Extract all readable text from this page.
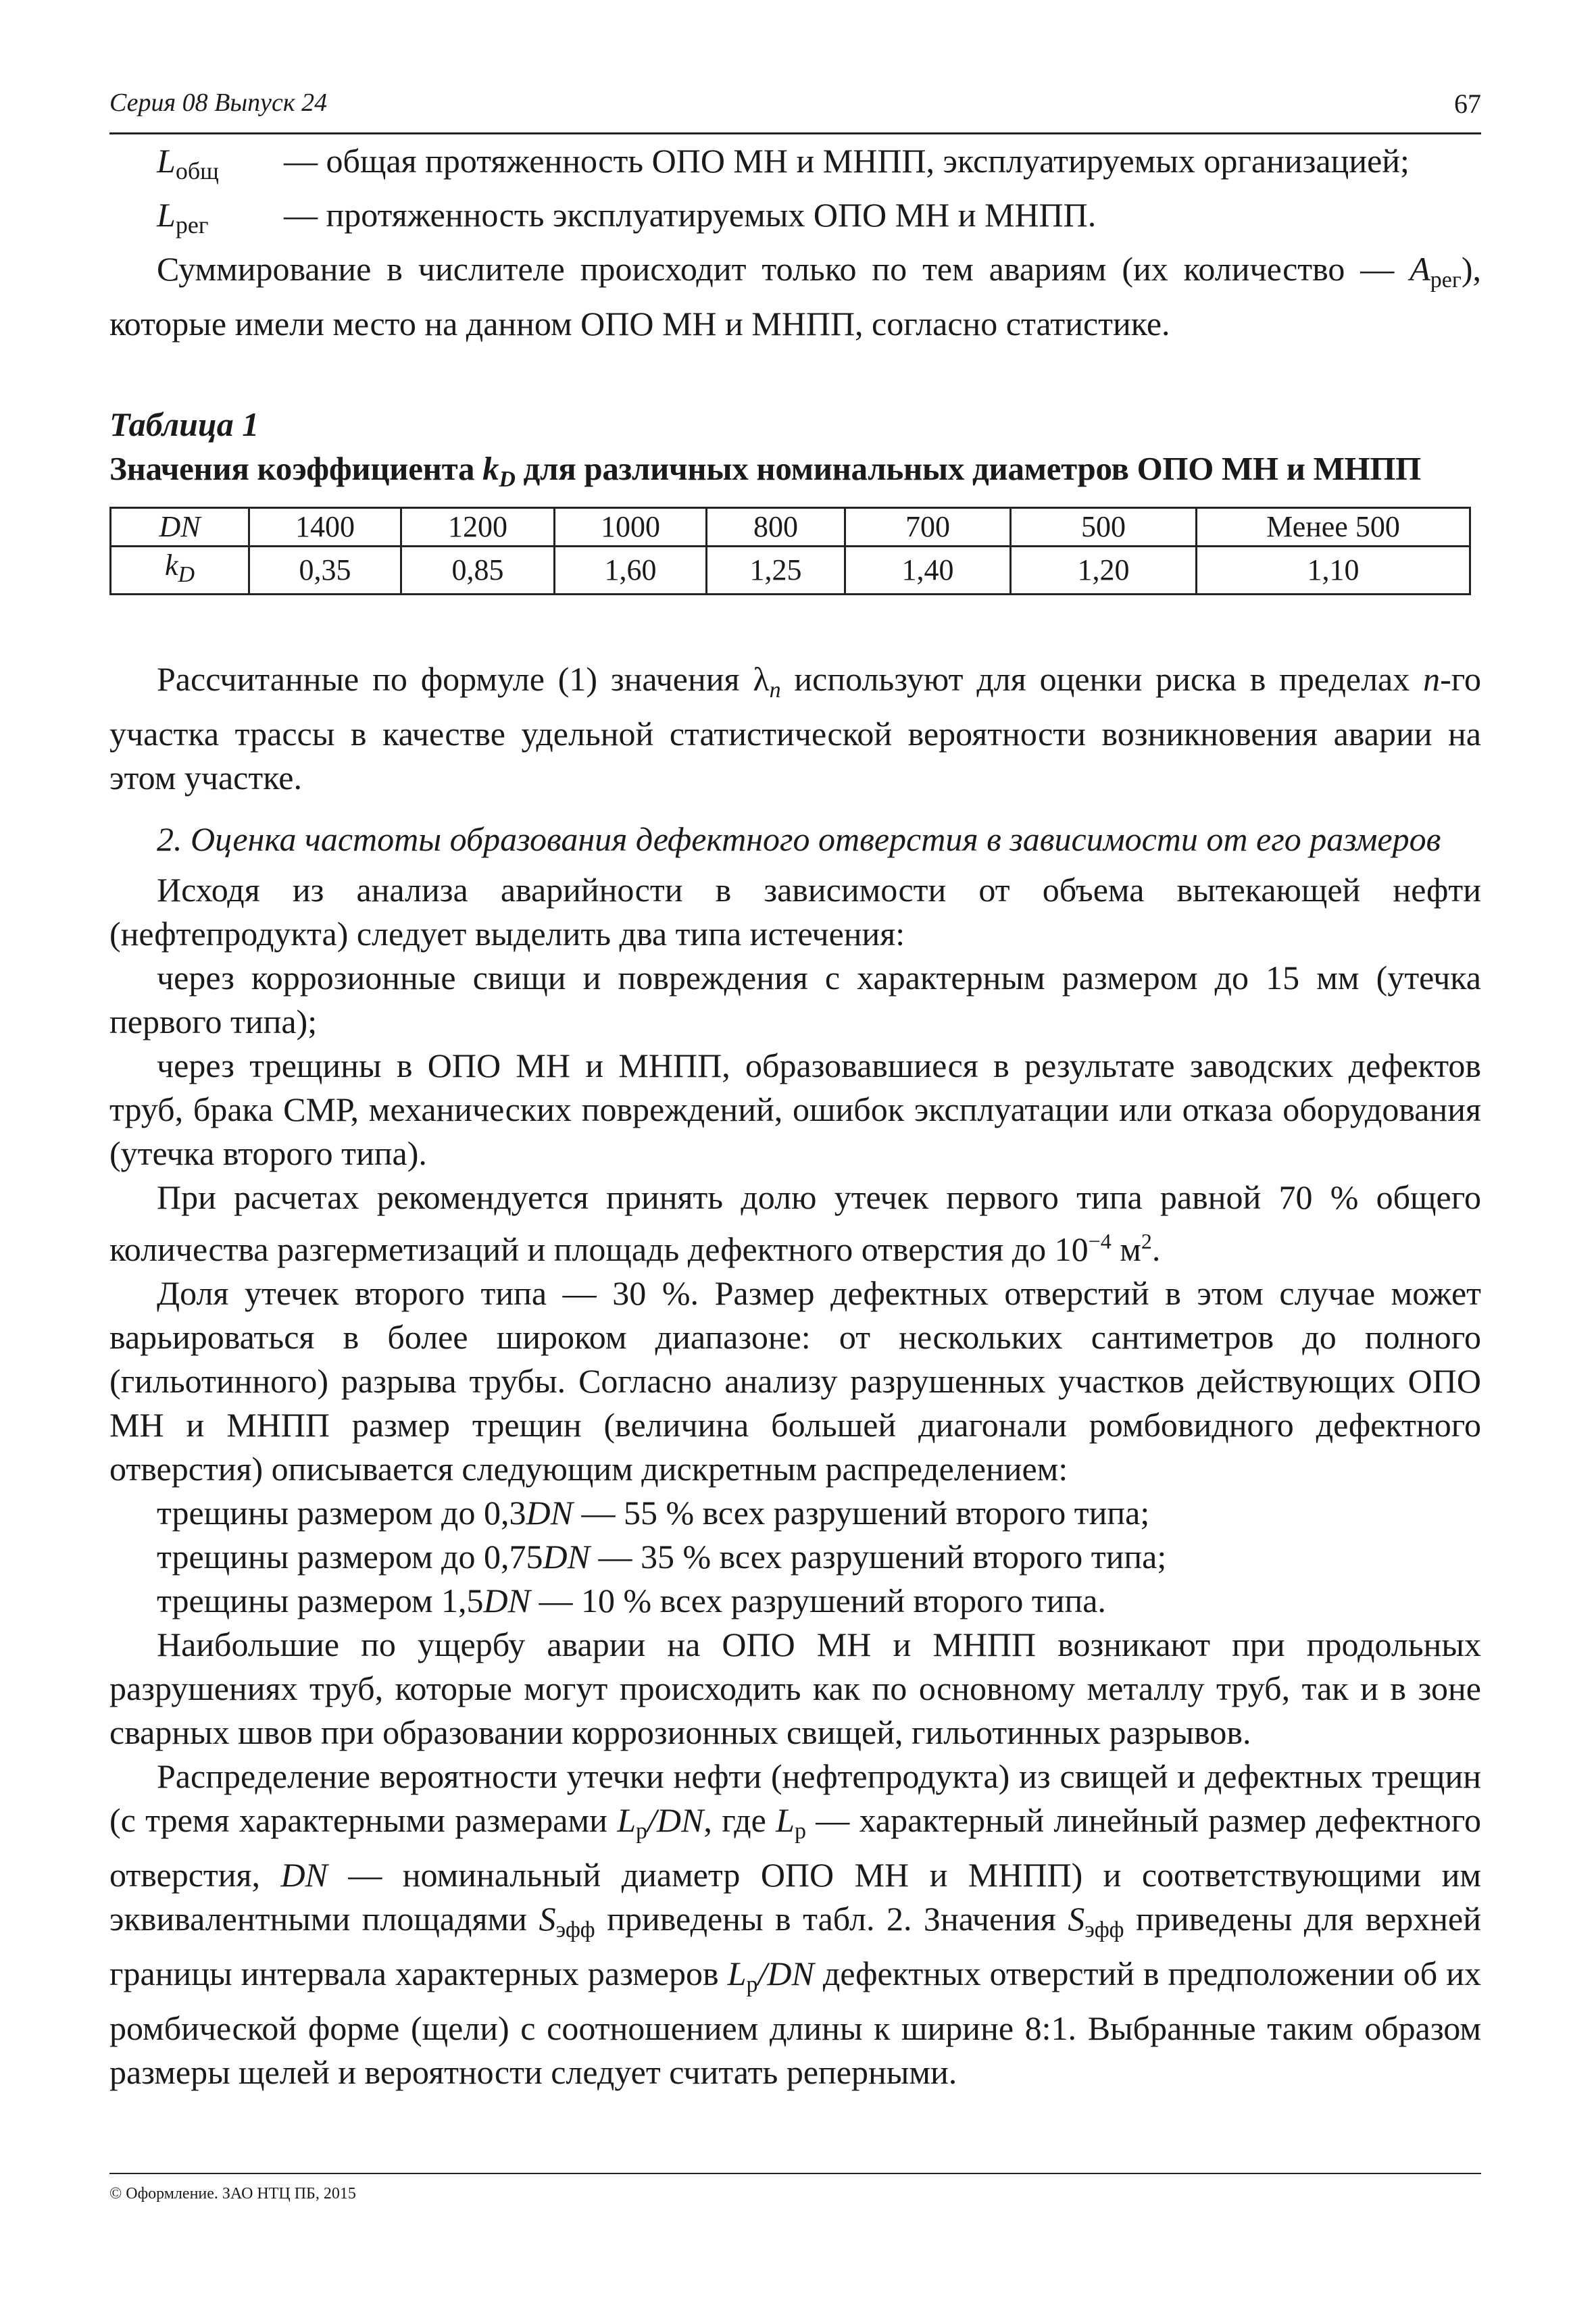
Серия 08 Выпуск 24	67
$L_{общ}$	— общая протяженность ОПО МН и МНПП, эксплуатируемых организацией;
$L_{рег}$	— протяженность эксплуатируемых ОПО МН и МНПП.

Суммирование в числителе происходит только по тем авариям (их количество — $A_{рег}$), которые имели место на данном ОПО МН и МНПП, согласно статистике.

Таблица 1

Значения коэффициента $k_D$ для различных номинальных диаметров ОПО МН и МНПП

DN	1400	1200	1000	800	700	500	Менее 500
$k_D$	0,35	0,85	1,60	1,25	1,40	1,20	1,10

Рассчитанные по формуле (1) значения $\lambda_n$ используют для оценки риска в пределах n-го участка трассы в качестве удельной статистической вероятности возникновения аварии на этом участке.

2. Оценка частоты образования дефектного отверстия в зависимости от его размеров

Исходя из анализа аварийности в зависимости от объема вытекающей нефти (нефтепродукта) следует выделить два типа истечения:

через коррозионные свищи и повреждения с характерным размером до 15 мм (утечка первого типа);

через трещины в ОПО МН и МНПП, образовавшиеся в результате заводских дефектов труб, брака СМР, механических повреждений, ошибок эксплуатации или отказа оборудования (утечка второго типа).

При расчетах рекомендуется принять долю утечек первого типа равной 70 % общего количества разгерметизаций и площадь дефектного отверстия до $10^{-4}$ $м^2$.

Доля утечек второго типа — 30 %. Размер дефектных отверстий в этом случае может варьироваться в более широком диапазоне: от нескольких сантиметров до полного (гильотинного) разрыва трубы. Согласно анализу разрушенных участков действующих ОПО МН и МНПП размер трещин (величина большей диагонали ромбовидного дефектного отверстия) описывается следующим дискретным распределением:

трещины размером до 0,3DN — 55 % всех разрушений второго типа;

трещины размером до 0,75DN — 35 % всех разрушений второго типа;

трещины размером 1,5DN — 10 % всех разрушений второго типа.

Наибольшие по ущербу аварии на ОПО МН и МНПП возникают при продольных разрушениях труб, которые могут происходить как по основному металлу труб, так и в зоне сварных швов при образовании коррозионных свищей, гильотинных разрывов.

Распределение вероятности утечки нефти (нефтепродукта) из свищей и дефектных трещин (с тремя характерными размерами $L_р/DN$, где $L_р$ — характерный линейный размер дефектного отверстия, DN — номинальный диаметр ОПО МН и МНПП) и соответствующими им эквивалентными площадями $S_{эфф}$ приведены в табл. 2. Значения $S_{эфф}$ приведены для верхней границы интервала характерных размеров $L_р/DN$ дефектных отверстий в предположении об их ромбической форме (щели) с соотношением длины к ширине 8:1. Выбранные таким образом размеры щелей и вероятности следует считать реперными.

© Оформление. ЗАО НТЦ ПБ, 2015
